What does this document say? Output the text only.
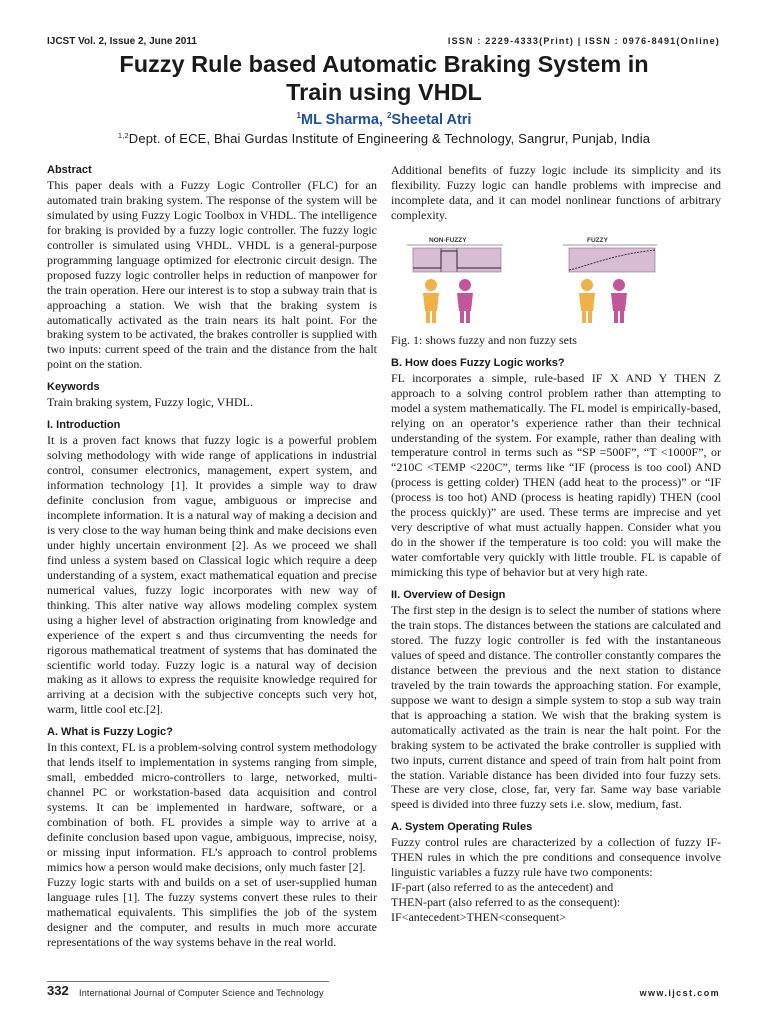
IJCST Vol. 2, Issue 2, June 2011	ISSN : 2229-4333(Print) | ISSN : 0976-8491(Online)
Fuzzy Rule based Automatic Braking System in
Train using VHDL
$^1$ML Sharma, $^2$Sheetal Atri
$^{1,2}$Dept. of ECE, Bhai Gurdas Institute of Engineering & Technology, Sangrur, Punjab, India

Abstract

This paper deals with a Fuzzy Logic Controller (FLC) for an automated train braking system. The response of the system will be simulated by using Fuzzy Logic Toolbox in VHDL. The intelligence for braking is provided by a fuzzy logic controller. The fuzzy logic controller is simulated using VHDL. VHDL is a general-purpose programming language optimized for electronic circuit design. The proposed fuzzy logic controller helps in reduction of manpower for the train operation. Here our interest is to stop a subway train that is approaching a station. We wish that the braking system is automatically activated as the train nears its halt point. For the braking system to be activated, the brakes controller is supplied with two inputs: current speed of the train and the distance from the halt point on the station.

Keywords

Train braking system, Fuzzy logic, VHDL.

I. Introduction

It is a proven fact knows that fuzzy logic is a powerful problem solving methodology with wide range of applications in industrial control, consumer electronics, management, expert system, and information technology [1]. It provides a simple way to draw definite conclusion from vague, ambiguous or imprecise and incomplete information. It is a natural way of making a decision and is very close to the way human being think and make decisions even under highly uncertain environment [2]. As we proceed we shall find unless a system based on Classical logic which require a deep understanding of a system, exact mathematical equation and precise numerical values, fuzzy logic incorporates with new way of thinking. This alter native way allows modeling complex system using a higher level of abstraction originating from knowledge and experience of the expert s and thus circumventing the needs for rigorous mathematical treatment of systems that has dominated the scientific world today. Fuzzy logic is a natural way of decision making as it allows to express the requisite knowledge required for arriving at a decision with the subjective concepts such very hot, warm, little cool etc.[2].

A. What is Fuzzy Logic?

In this context, FL is a problem-solving control system methodology that lends itself to implementation in systems ranging from simple, small, embedded micro-controllers to large, networked, multi-channel PC or workstation-based data acquisition and control systems. It can be implemented in hardware, software, or a combination of both. FL provides a simple way to arrive at a definite conclusion based upon vague, ambiguous, imprecise, noisy, or missing input information. FL’s approach to control problems mimics how a person would make decisions, only much faster [2].

Fuzzy logic starts with and builds on a set of user-supplied human language rules [1]. The fuzzy systems convert these rules to their mathematical equivalents. This simplifies the job of the system designer and the computer, and results in much more accurate representations of the way systems behave in the real world.

Additional benefits of fuzzy logic include its simplicity and its flexibility. Fuzzy logic can handle problems with imprecise and incomplete data, and it can model nonlinear functions of arbitrary complexity.

NON-FUZZY	FUZZY

Fig. 1: shows fuzzy and non fuzzy sets

B. How does Fuzzy Logic works?

FL incorporates a simple, rule-based IF X AND Y THEN Z approach to a solving control problem rather than attempting to model a system mathematically. The FL model is empirically-based, relying on an operator’s experience rather than their technical understanding of the system. For example, rather than dealing with temperature control in terms such as “SP =500F”, “T <1000F”, or “210C <TEMP <220C”, terms like “IF (process is too cool) AND (process is getting colder) THEN (add heat to the process)” or “IF (process is too hot) AND (process is heating rapidly) THEN (cool the process quickly)” are used. These terms are imprecise and yet very descriptive of what must actually happen. Consider what you do in the shower if the temperature is too cold: you will make the water comfortable very quickly with little trouble. FL is capable of mimicking this type of behavior but at very high rate.

II. Overview of Design

The first step in the design is to select the number of stations where the train stops. The distances between the stations are calculated and stored. The fuzzy logic controller is fed with the instantaneous values of speed and distance. The controller constantly compares the distance between the previous and the next station to distance traveled by the train towards the approaching station. For example, suppose we want to design a simple system to stop a sub way train that is approaching a station. We wish that the braking system is automatically activated as the train is near the halt point. For the braking system to be activated the brake controller is supplied with two inputs, current distance and speed of train from halt point from the station. Variable distance has been divided into four fuzzy sets. These are very close, close, far, very far. Same way base variable speed is divided into three fuzzy sets i.e. slow, medium, fast.

A. System Operating Rules

Fuzzy control rules are characterized by a collection of fuzzy IF-THEN rules in which the pre conditions and consequence involve linguistic variables a fuzzy rule have two components:

IF-part (also referred to as the antecedent) and

THEN-part (also referred to as the consequent):

IF<antecedent>THEN<consequent>

332 International Journal of Computer Science and Technology	www.ijcst.com
